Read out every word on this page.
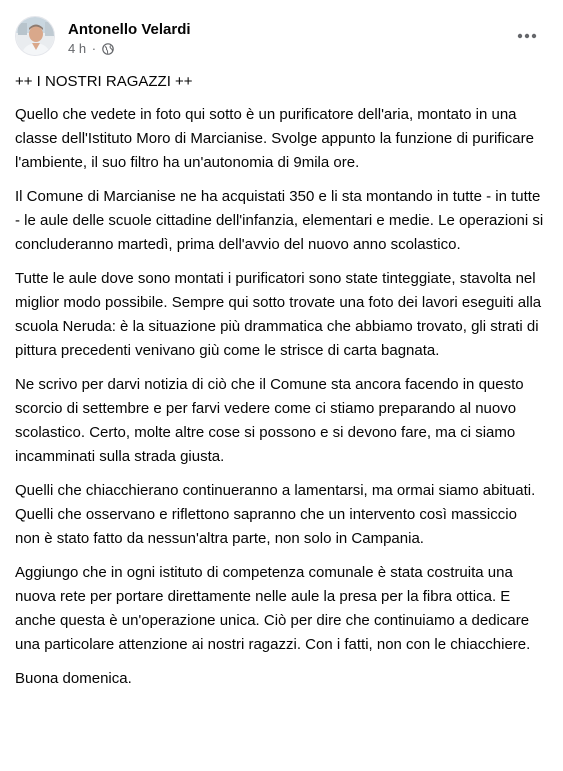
Antonello Velardi
4 h ·

++ I NOSTRI RAGAZZI ++

Quello che vedete in foto qui sotto è un purificatore dell'aria, montato in una classe dell'Istituto Moro di Marcianise. Svolge appunto la funzione di purificare l'ambiente, il suo filtro ha un'autonomia di 9mila ore.

Il Comune di Marcianise ne ha acquistati 350 e li sta montando in tutte - in tutte - le aule delle scuole cittadine dell'infanzia, elementari e medie. Le operazioni si concluderanno martedì, prima dell'avvio del nuovo anno scolastico.

Tutte le aule dove sono montati i purificatori sono state tinteggiate, stavolta nel miglior modo possibile. Sempre qui sotto trovate una foto dei lavori eseguiti alla scuola Neruda: è la situazione più drammatica che abbiamo trovato, gli strati di pittura precedenti venivano giù come le strisce di carta bagnata.

Ne scrivo per darvi notizia di ciò che il Comune sta ancora facendo in questo scorcio di settembre e per farvi vedere come ci stiamo preparando al nuovo scolastico. Certo, molte altre cose si possono e si devono fare, ma ci siamo incamminati sulla strada giusta.

Quelli che chiacchierano continueranno a lamentarsi, ma ormai siamo abituati. Quelli che osservano e riflettono sapranno che un intervento così massiccio non è stato fatto da nessun'altra parte, non solo in Campania.

Aggiungo che in ogni istituto di competenza comunale è stata costruita una nuova rete per portare direttamente nelle aule la presa per la fibra ottica. E anche questa è un'operazione unica. Ciò per dire che continuiamo a dedicare una particolare attenzione ai nostri ragazzi. Con i fatti, non con le chiacchiere.

Buona domenica.
